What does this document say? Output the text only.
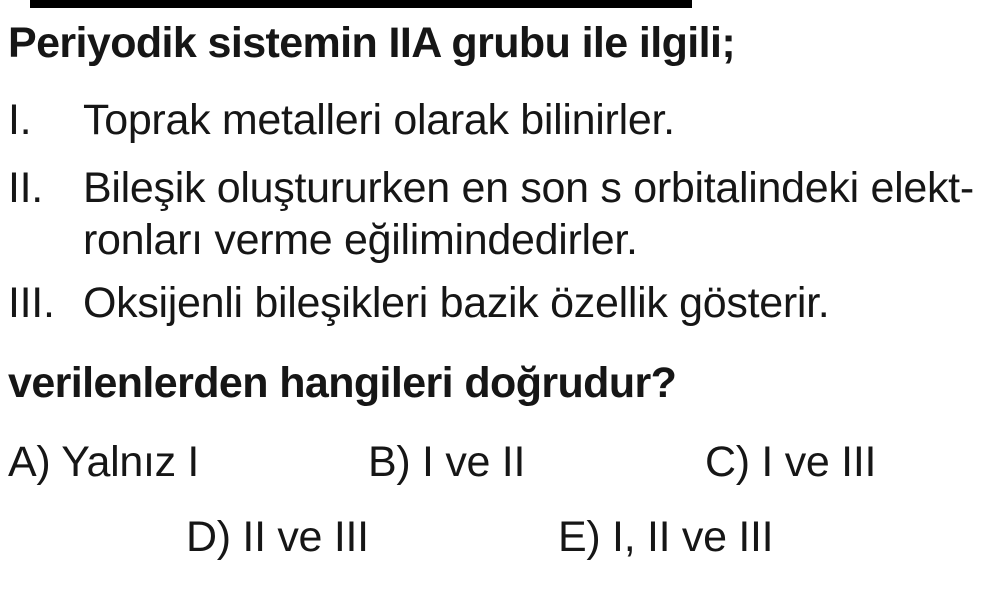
Periyodik sistemin IIA grubu ile ilgili;
I. Toprak metalleri olarak bilinirler.
II. Bileşik oluştururken en son s orbitalindeki elekt-
ronları verme eğilimindedirler.
III. Oksijenli bileşikleri bazik özellik gösterir.
verilenlerden hangileri doğrudur?
A) Yalnız I	B) I ve II	C) I ve III
D) II ve III	E) I, II ve III
